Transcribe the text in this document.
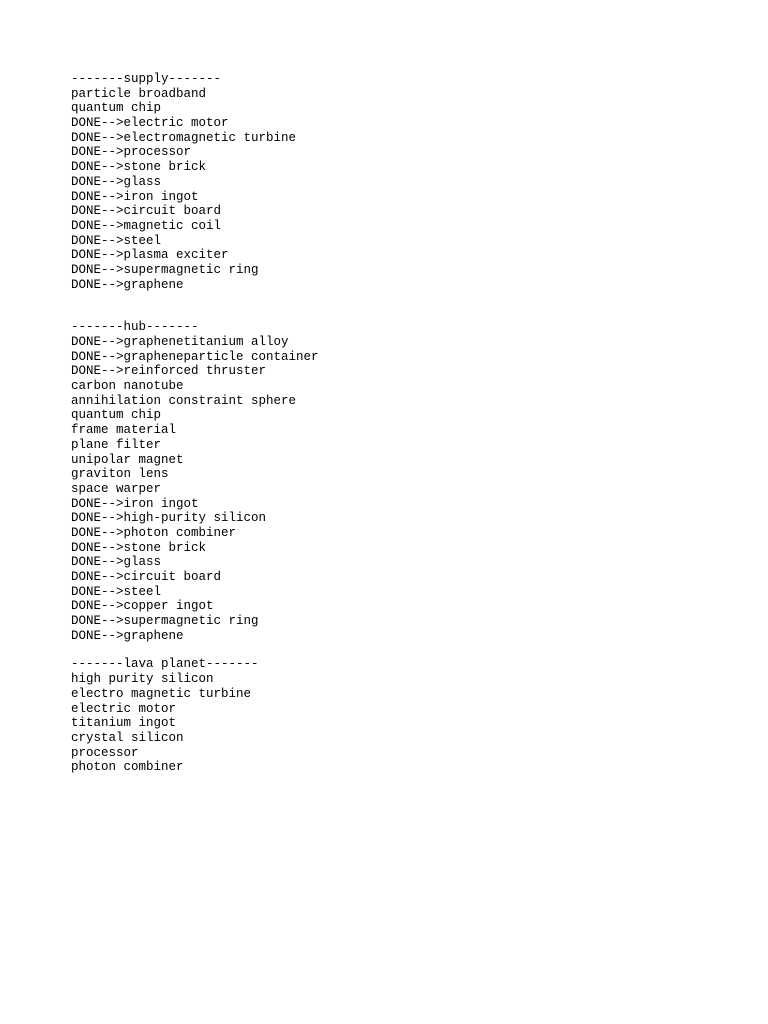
-------supply-------
particle broadband
quantum chip
DONE-->electric motor
DONE-->electromagnetic turbine
DONE-->processor
DONE-->stone brick
DONE-->glass
DONE-->iron ingot
DONE-->circuit board
DONE-->magnetic coil
DONE-->steel
DONE-->plasma exciter
DONE-->supermagnetic ring
DONE-->graphene
-------hub-------
DONE-->graphenetitanium alloy
DONE-->grapheneparticle container
DONE-->reinforced thruster
carbon nanotube
annihilation constraint sphere
quantum chip
frame material
plane filter
unipolar magnet
graviton lens
space warper
DONE-->iron ingot
DONE-->high-purity silicon
DONE-->photon combiner
DONE-->stone brick
DONE-->glass
DONE-->circuit board
DONE-->steel
DONE-->copper ingot
DONE-->supermagnetic ring
DONE-->graphene
-------lava planet-------
high purity silicon
electro magnetic turbine
electric motor
titanium ingot
crystal silicon
processor
photon combiner
